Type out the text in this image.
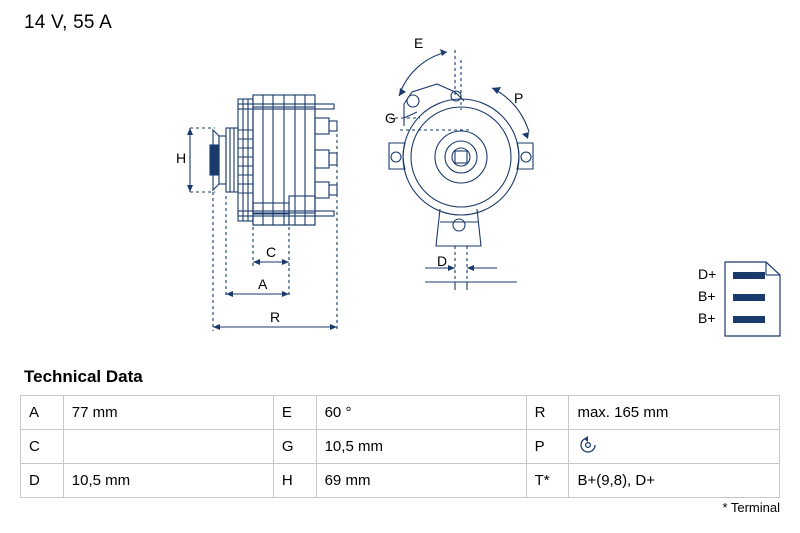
14 V, 55 A
H
C
A
R
E
G
P
D
D+
B+
B+
Technical Data
A	77 mm	E	60 °	R	max. 165 mm
C		G	10,5 mm	P	
D	10,5 mm	H	69 mm	T*	B+(9,8), D+
* Terminal
